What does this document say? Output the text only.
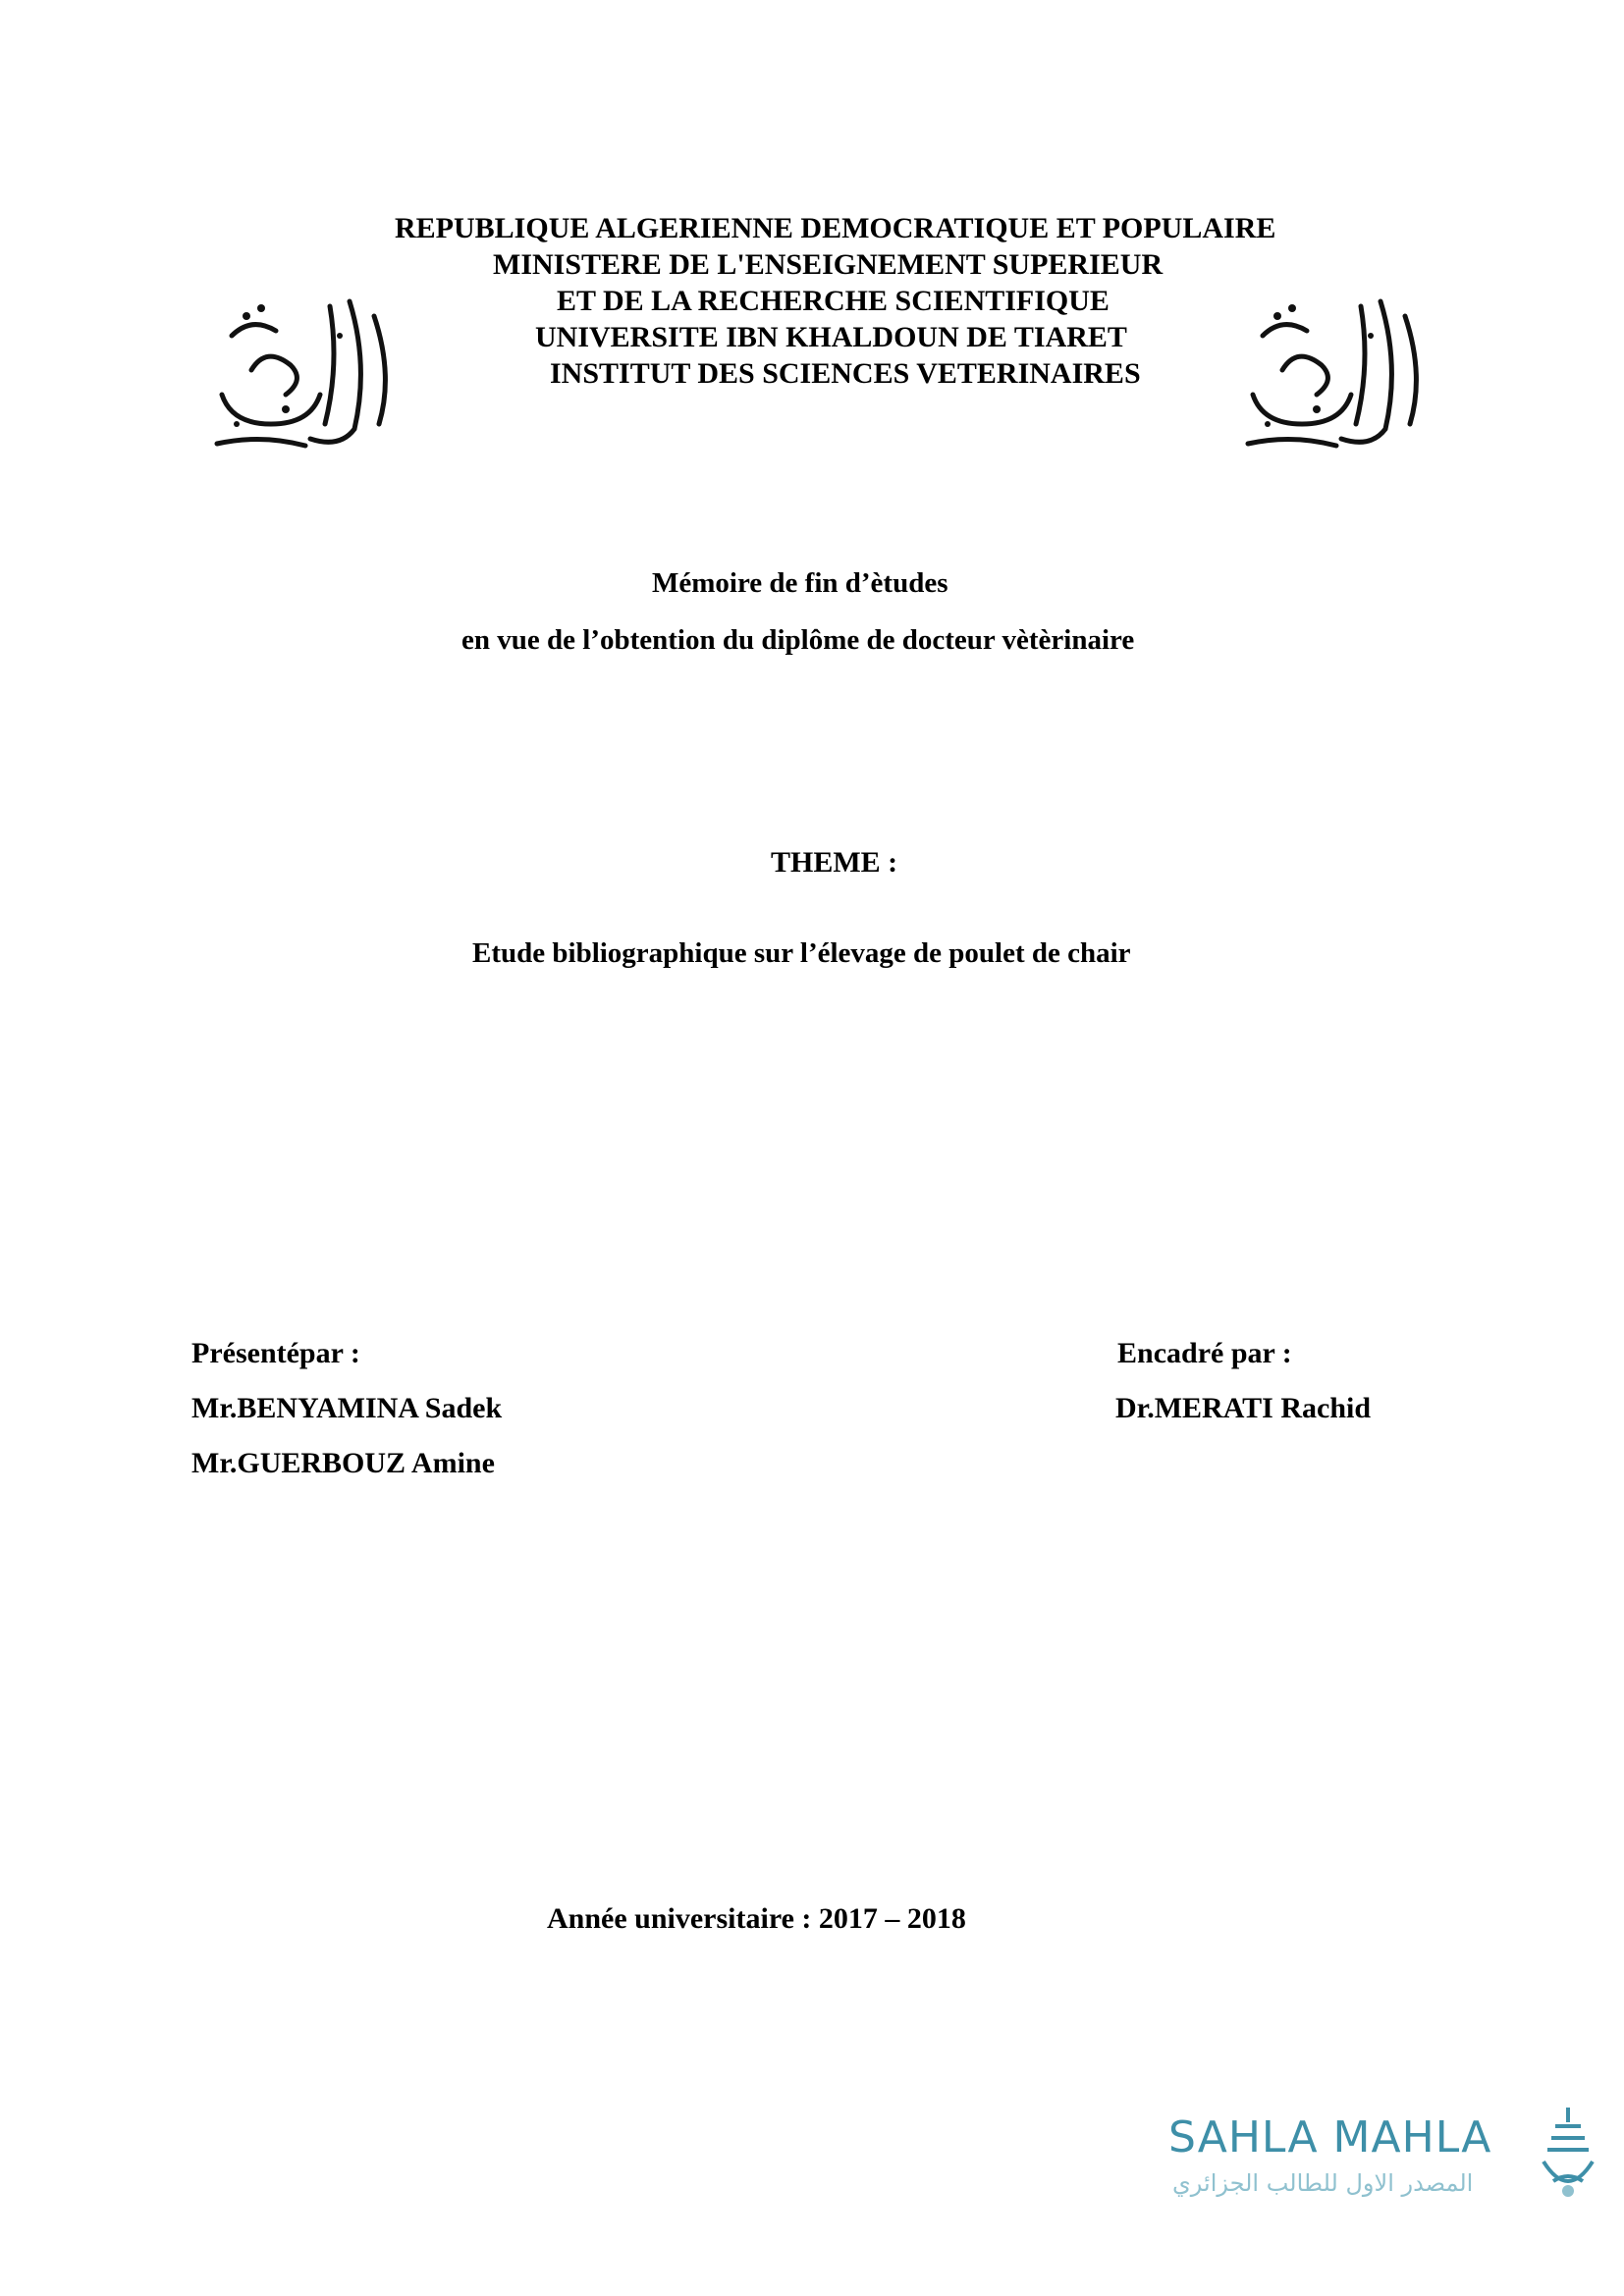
REPUBLIQUE ALGERIENNE DEMOCRATIQUE ET POPULAIRE
MINISTERE DE L'ENSEIGNEMENT SUPERIEUR
ET DE LA RECHERCHE SCIENTIFIQUE
UNIVERSITE IBN KHALDOUN DE TIARET
INSTITUT DES SCIENCES VETERINAIRES
Mémoire de fin d’ètudes
en vue de l’obtention du diplôme de docteur vètèrinaire
THEME :
Etude bibliographique sur l’élevage de poulet de chair
Présentépar :
Mr.BENYAMINA Sadek
Mr.GUERBOUZ Amine
Encadré par :
Dr.MERATI Rachid
Année universitaire : 2017 – 2018
SAHLA MAHLA
المصدر الاول للطالب الجزائري
